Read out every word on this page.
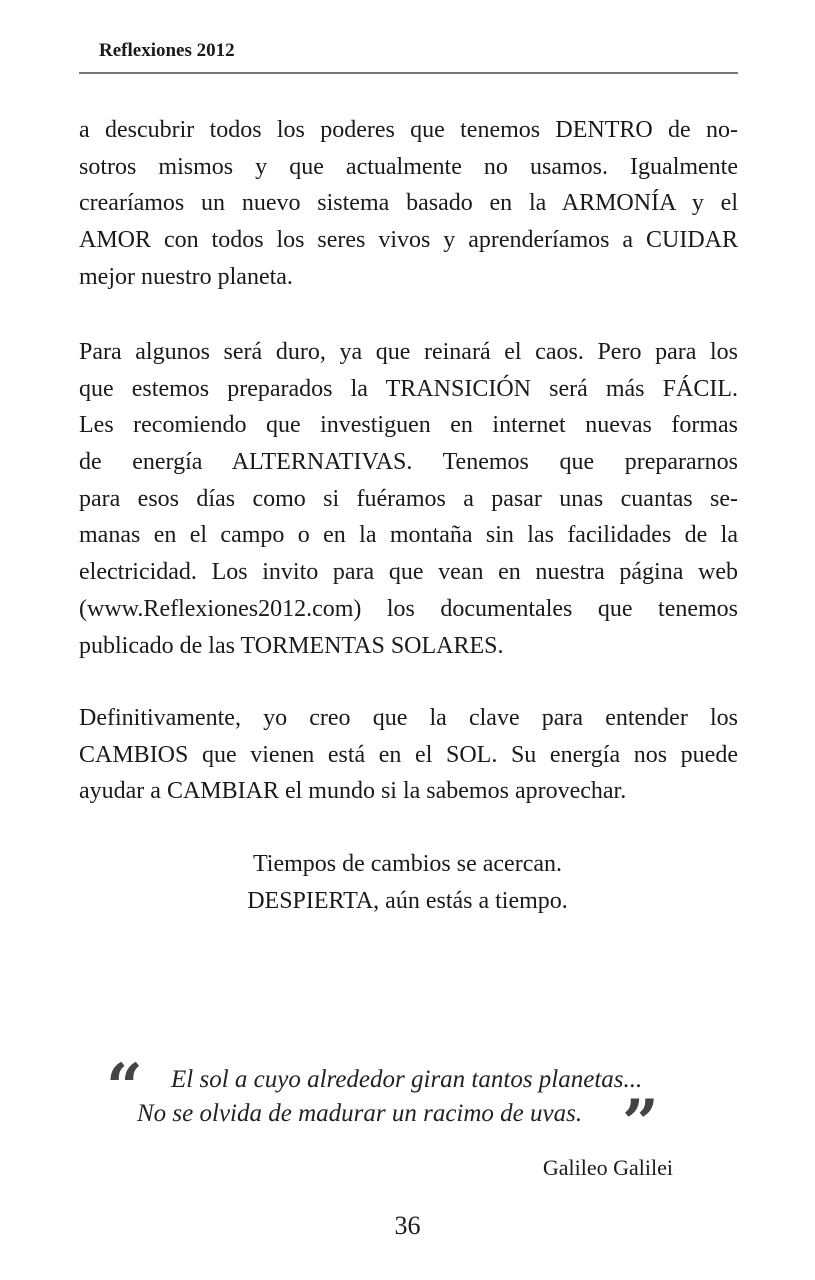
Reflexiones 2012
a descubrir todos los poderes que tenemos DENTRO de no-
sotros mismos y que actualmente no usamos. Igualmente
crearíamos un nuevo sistema basado en la ARMONÍA y el
AMOR con todos los seres vivos y aprenderíamos a CUIDAR
mejor nuestro planeta.
Para algunos será duro, ya que reinará el caos. Pero para los
que estemos preparados la TRANSICIÓN será más FÁCIL.
Les recomiendo que investiguen en internet nuevas formas
de energía ALTERNATIVAS. Tenemos que prepararnos
para esos días como si fuéramos a pasar unas cuantas se-
manas en el campo o en la montaña sin las facilidades de la
electricidad. Los invito para que vean en nuestra página web
(www.Reflexiones2012.com) los documentales que tenemos
publicado de las TORMENTAS SOLARES.
Definitivamente, yo creo que la clave para entender los
CAMBIOS que vienen está en el SOL. Su energía nos puede
ayudar a CAMBIAR el mundo si la sabemos aprovechar.
Tiempos de cambios se acercan.
DESPIERTA, aún estás a tiempo.
“ El sol a cuyo alrededor giran tantos planetas...
No se olvida de madurar un racimo de uvas. ”
Galileo Galilei
36
